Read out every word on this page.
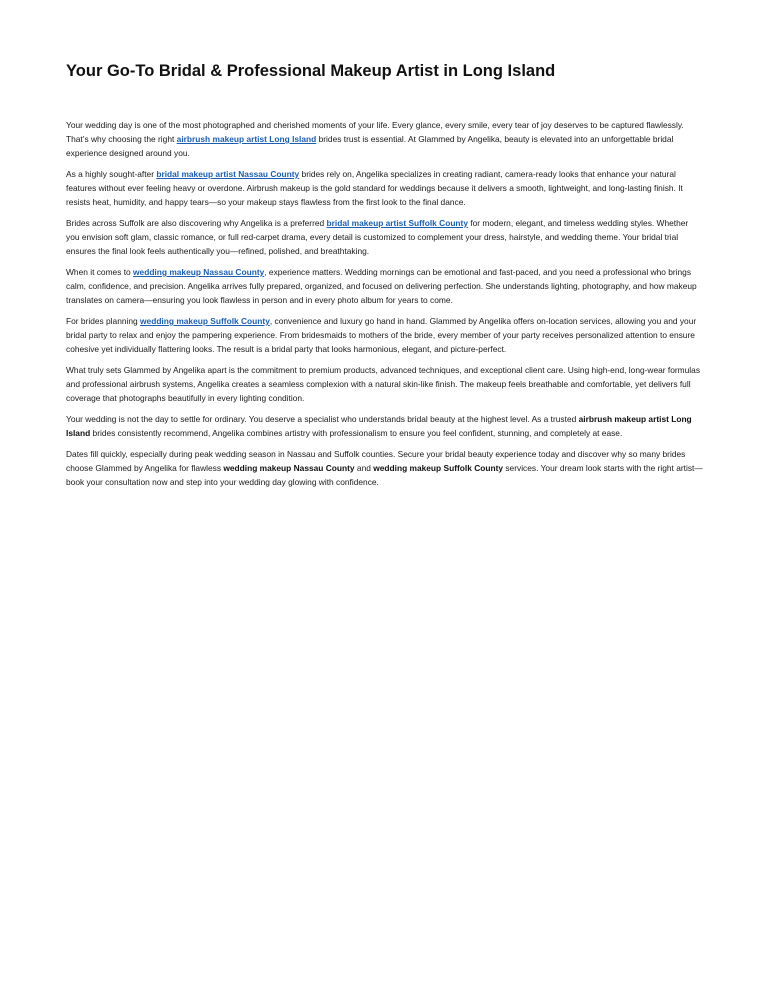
Your Go-To Bridal & Professional Makeup Artist in Long Island

Your wedding day is one of the most photographed and cherished moments of your life. Every glance, every smile, every tear of joy deserves to be captured flawlessly. That’s why choosing the right airbrush makeup artist Long Island brides trust is essential. At Glammed by Angelika, beauty is elevated into an unforgettable bridal experience designed around you.

As a highly sought-after bridal makeup artist Nassau County brides rely on, Angelika specializes in creating radiant, camera-ready looks that enhance your natural features without ever feeling heavy or overdone. Airbrush makeup is the gold standard for weddings because it delivers a smooth, lightweight, and long-lasting finish. It resists heat, humidity, and happy tears—so your makeup stays flawless from the first look to the final dance.

Brides across Suffolk are also discovering why Angelika is a preferred bridal makeup artist Suffolk County for modern, elegant, and timeless wedding styles. Whether you envision soft glam, classic romance, or full red-carpet drama, every detail is customized to complement your dress, hairstyle, and wedding theme. Your bridal trial ensures the final look feels authentically you—refined, polished, and breathtaking.

When it comes to wedding makeup Nassau County, experience matters. Wedding mornings can be emotional and fast-paced, and you need a professional who brings calm, confidence, and precision. Angelika arrives fully prepared, organized, and focused on delivering perfection. She understands lighting, photography, and how makeup translates on camera—ensuring you look flawless in person and in every photo album for years to come.

For brides planning wedding makeup Suffolk County, convenience and luxury go hand in hand. Glammed by Angelika offers on-location services, allowing you and your bridal party to relax and enjoy the pampering experience. From bridesmaids to mothers of the bride, every member of your party receives personalized attention to ensure cohesive yet individually flattering looks. The result is a bridal party that looks harmonious, elegant, and picture-perfect.

What truly sets Glammed by Angelika apart is the commitment to premium products, advanced techniques, and exceptional client care. Using high-end, long-wear formulas and professional airbrush systems, Angelika creates a seamless complexion with a natural skin-like finish. The makeup feels breathable and comfortable, yet delivers full coverage that photographs beautifully in every lighting condition.

Your wedding is not the day to settle for ordinary. You deserve a specialist who understands bridal beauty at the highest level. As a trusted airbrush makeup artist Long Island brides consistently recommend, Angelika combines artistry with professionalism to ensure you feel confident, stunning, and completely at ease.

Dates fill quickly, especially during peak wedding season in Nassau and Suffolk counties. Secure your bridal beauty experience today and discover why so many brides choose Glammed by Angelika for flawless wedding makeup Nassau County and wedding makeup Suffolk County services. Your dream look starts with the right artist—book your consultation now and step into your wedding day glowing with confidence.
